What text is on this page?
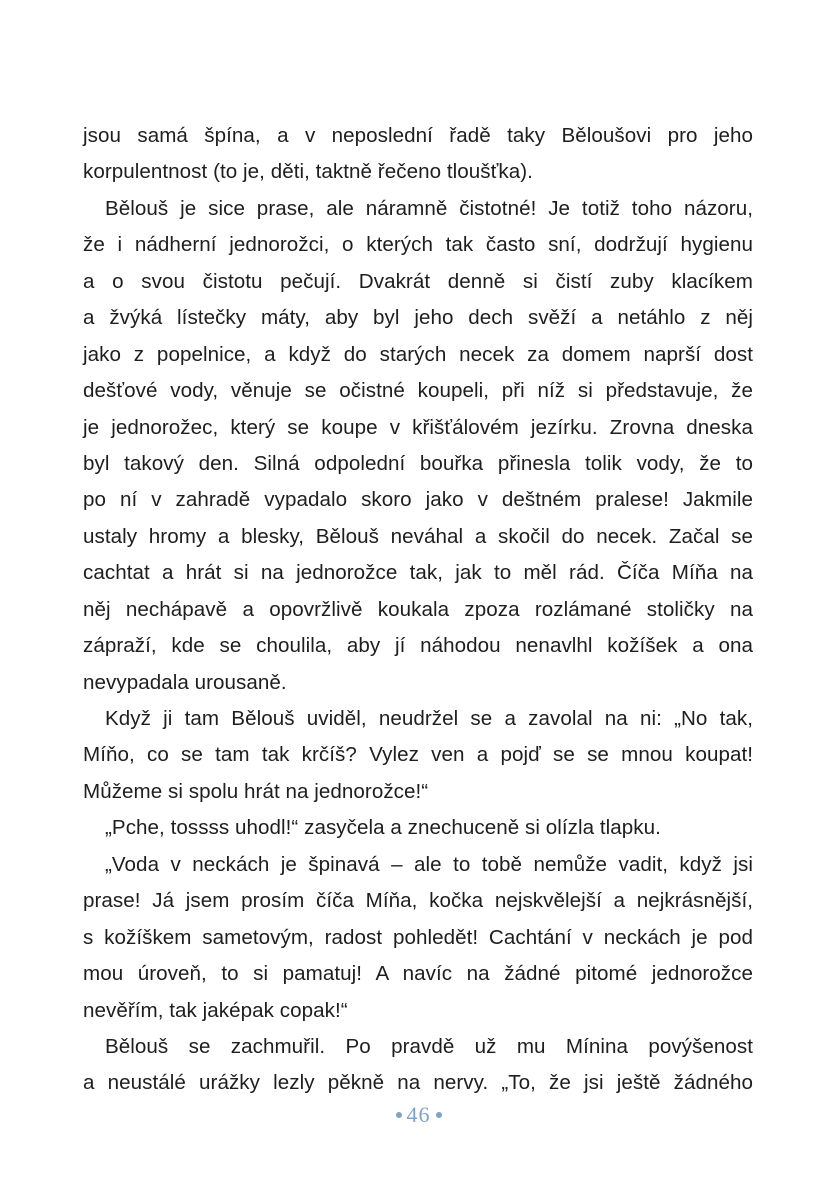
jsou samá špína, a v neposlední řadě taky Běloušovi pro jeho
korpulentnost (to je, děti, taktně řečeno tloušťka).
Bělouš je sice prase, ale náramně čistotné! Je totiž toho názoru,
že i nádherní jednorožci, o kterých tak často sní, dodržují hygienu
a o svou čistotu pečují. Dvakrát denně si čistí zuby klacíkem
a žvýká lístečky máty, aby byl jeho dech svěží a netáhlo z něj
jako z popelnice, a když do starých necek za domem naprší dost
dešťové vody, věnuje se očistné koupeli, při níž si představuje, že
je jednorožec, který se koupe v křišťálovém jezírku. Zrovna dneska
byl takový den. Silná odpolední bouřka přinesla tolik vody, že to
po ní v zahradě vypadalo skoro jako v deštném pralese! Jakmile
ustaly hromy a blesky, Bělouš neváhal a skočil do necek. Začal se
cachtat a hrát si na jednorožce tak, jak to měl rád. Číča Míňa na
něj nechápavě a opovržlivě koukala zpoza rozlámané stoličky na
zápraží, kde se choulila, aby jí náhodou nenavlhl kožíšek a ona
nevypadala urousaně.
Když ji tam Bělouš uviděl, neudržel se a zavolal na ni: „No tak,
Míňo, co se tam tak krčíš? Vylez ven a pojď se se mnou koupat!
Můžeme si spolu hrát na jednorožce!“
„Pche, tossss uhodl!“ zasyčela a znechuceně si olízla tlapku.
„Voda v neckách je špinavá – ale to tobě nemůže vadit, když jsi
prase! Já jsem prosím číča Míňa, kočka nejskvělejší a nejkrásnější,
s kožíškem sametovým, radost pohledět! Cachtání v neckách je pod
mou úroveň, to si pamatuj! A navíc na žádné pitomé jednorožce
nevěřím, tak jaképak copak!“
Bělouš se zachmuřil. Po pravdě už mu Mínina povýšenost
a neustálé urážky lezly pěkně na nervy. „To, že jsi ještě žádného
46
